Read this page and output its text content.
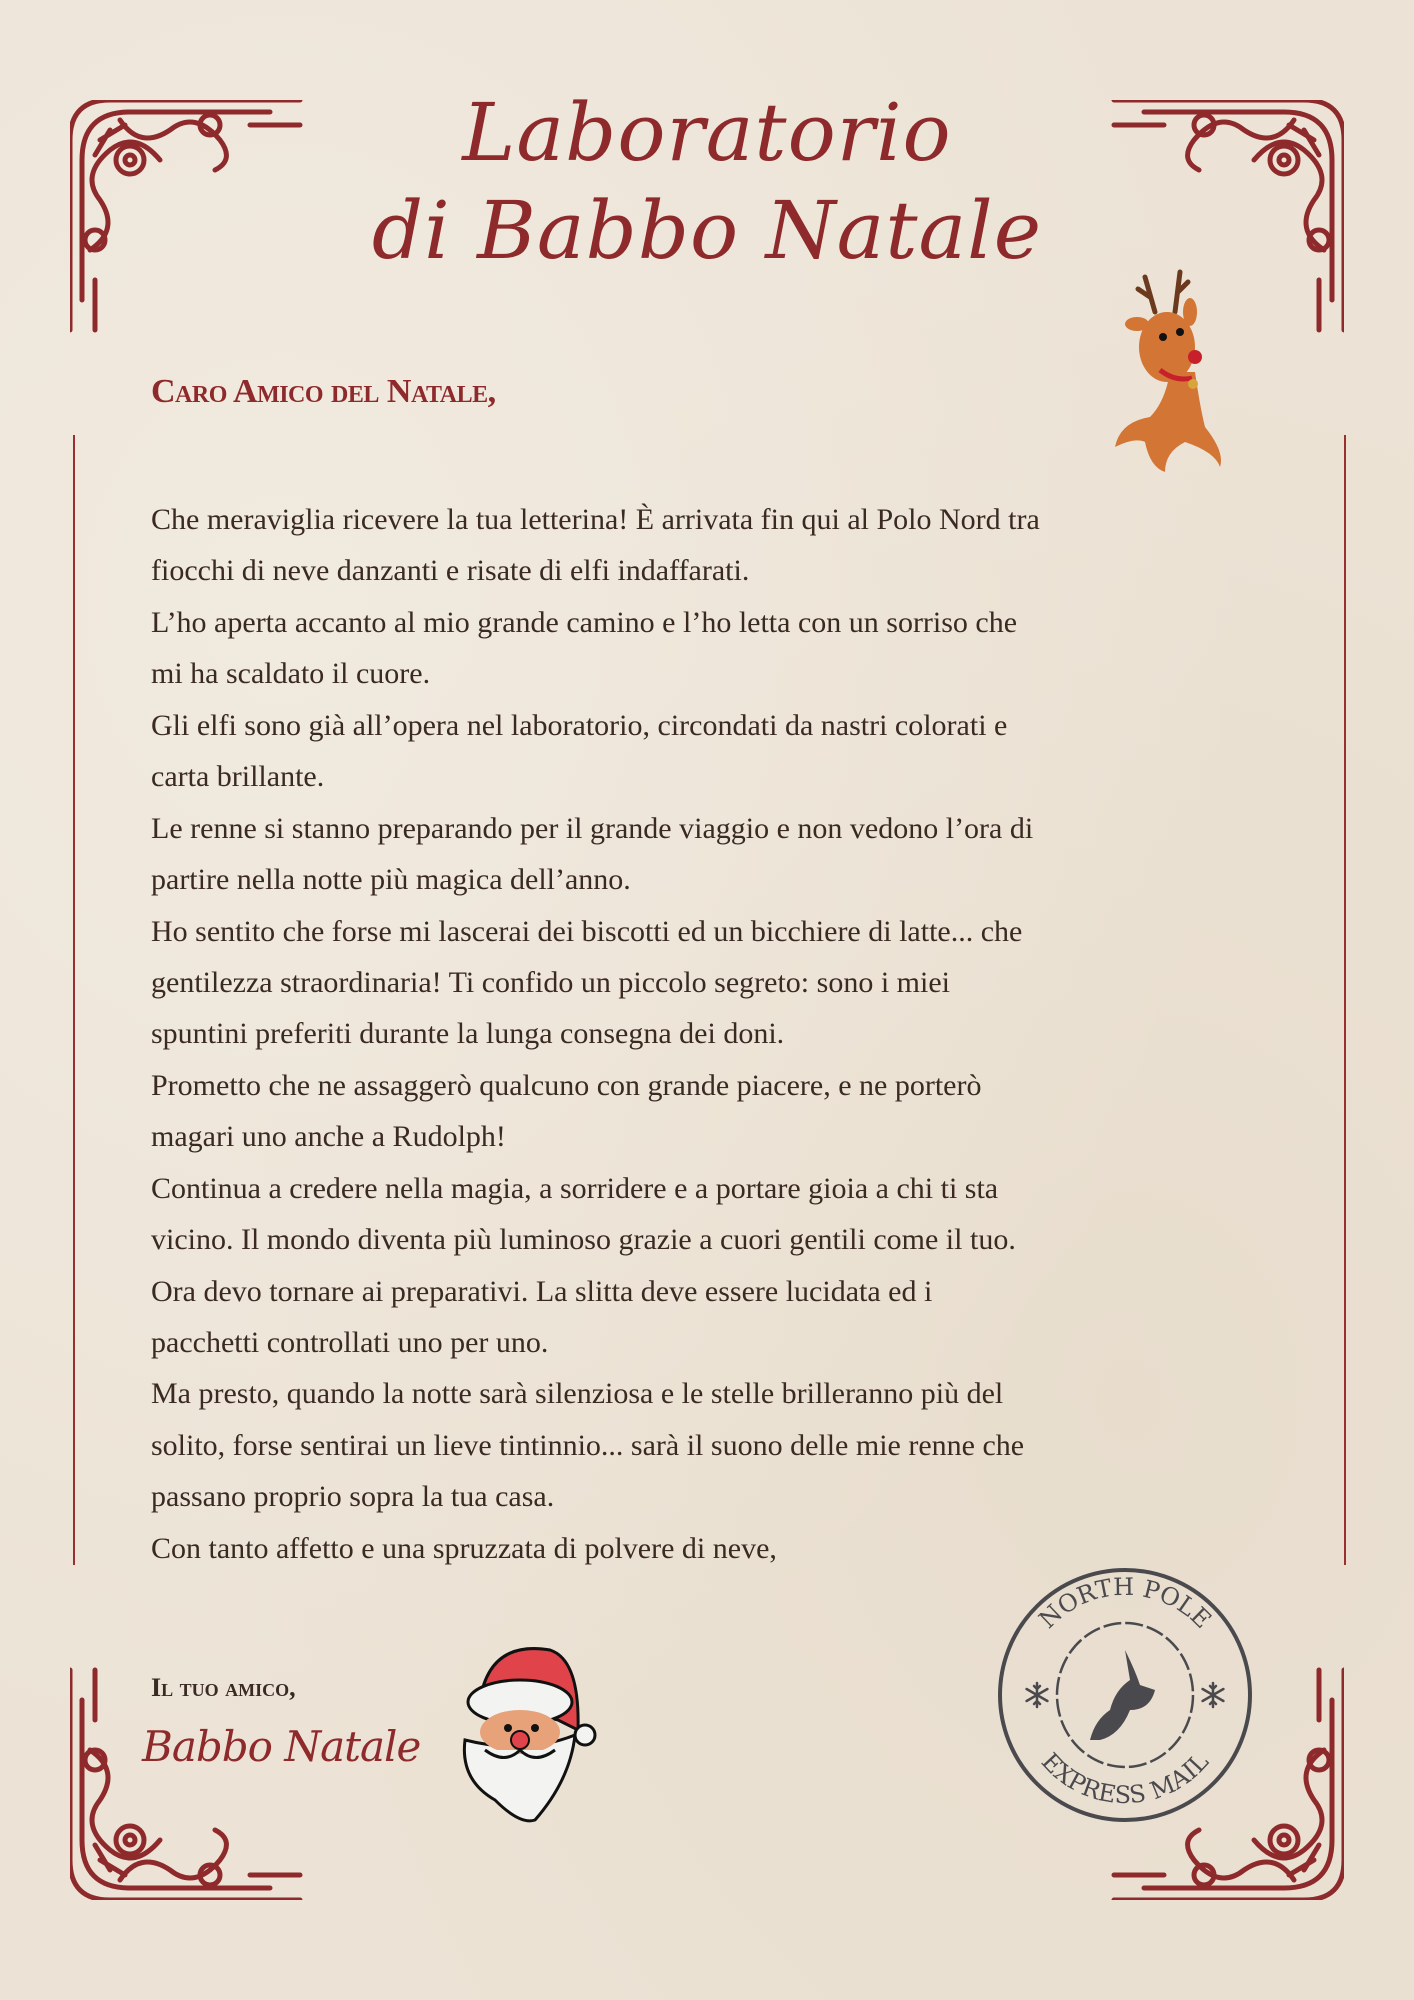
Laboratorio
di Babbo Natale
Caro Amico del Natale,
Che meraviglia ricevere la tua letterina! È arrivata fin qui al Polo Nord tra
fiocchi di neve danzanti e risate di elfi indaffarati.
L’ho aperta accanto al mio grande camino e l’ho letta con un sorriso che
mi ha scaldato il cuore.
Gli elfi sono già all’opera nel laboratorio, circondati da nastri colorati e
carta brillante.
Le renne si stanno preparando per il grande viaggio e non vedono l’ora di
partire nella notte più magica dell’anno.
Ho sentito che forse mi lascerai dei biscotti ed un bicchiere di latte... che
gentilezza straordinaria! Ti confido un piccolo segreto: sono i miei
spuntini preferiti durante la lunga consegna dei doni.
Prometto che ne assaggerò qualcuno con grande piacere, e ne porterò
magari uno anche a Rudolph!
Continua a credere nella magia, a sorridere e a portare gioia a chi ti sta
vicino. Il mondo diventa più luminoso grazie a cuori gentili come il tuo.
Ora devo tornare ai preparativi. La slitta deve essere lucidata ed i
pacchetti controllati uno per uno.
Ma presto, quando la notte sarà silenziosa e le stelle brilleranno più del
solito, forse sentirai un lieve tintinnio... sarà il suono delle mie renne che
passano proprio sopra la tua casa.
Con tanto affetto e una spruzzata di polvere di neve,
Il tuo amico,
Babbo Natale
NORTH POLE
EXPRESS MAIL
